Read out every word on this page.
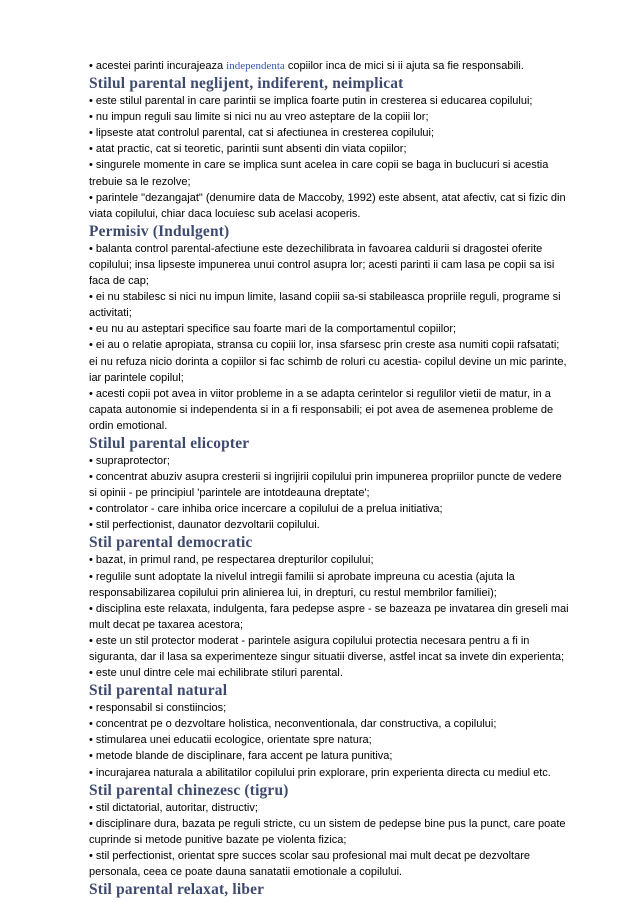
• acestei parinti incurajeaza independenta copiilor inca de mici si ii ajuta sa fie responsabili.

Stilul parental neglijent, indiferent, neimplicat

• este stilul parental in care parintii se implica foarte putin in cresterea si educarea copilului;

• nu impun reguli sau limite si nici nu au vreo asteptare de la copiii lor;

• lipseste atat controlul parental, cat si afectiunea in cresterea copilului;

• atat practic, cat si teoretic, parintii sunt absenti din viata copiilor;

• singurele momente in care se implica sunt acelea in care copii se baga in buclucuri si acestia trebuie sa le rezolve;

• parintele "dezangajat" (denumire data de Maccoby, 1992) este absent, atat afectiv, cat si fizic din viata copilului, chiar daca locuiesc sub acelasi acoperis.

Permisiv (Indulgent)

• balanta control parental-afectiune este dezechilibrata in favoarea caldurii si dragostei oferite copilului; insa lipseste impunerea unui control asupra lor; acesti parinti ii cam lasa pe copii sa isi faca de cap;

• ei nu stabilesc si nici nu impun limite, lasand copiii sa-si stabileasca propriile reguli, programe si

activitati;

• eu nu au asteptari specifice sau foarte mari de la comportamentul copiilor;

• ei au o relatie apropiata, stransa cu copiii lor, insa sfarsesc prin creste asa numiti copii rafsatati;

ei nu refuza nicio dorinta a copiilor si fac schimb de roluri cu acestia- copilul devine un mic parinte, iar parintele copilul;

• acesti copii pot avea in viitor probleme in a se adapta cerintelor si regulilor vietii de matur, in a capata autonomie si independenta si in a fi responsabili; ei pot avea de asemenea probleme de ordin emotional.

Stilul parental elicopter

• supraprotector;

• concentrat abuziv asupra cresterii si ingrijirii copilului prin impunerea propriilor puncte de vedere

si opinii - pe principiul 'parintele are intotdeauna dreptate';

• controlator - care inhiba orice incercare a copilului de a prelua initiativa;

• stil perfectionist, daunator dezvoltarii copilului.

Stil parental democratic

• bazat, in primul rand, pe respectarea drepturilor copilului;

• regulile sunt adoptate la nivelul intregii familii si aprobate impreuna cu acestia (ajuta la responsabilizarea copilului prin alinierea lui, in drepturi, cu restul membrilor familiei);

• disciplina este relaxata, indulgenta, fara pedepse aspre - se bazeaza pe invatarea din greseli mai mult decat pe taxarea acestora;

• este un stil protector moderat - parintele asigura copilului protectia necesara pentru a fi in siguranta, dar il lasa sa experimenteze singur situatii diverse, astfel incat sa invete din experienta;

• este unul dintre cele mai echilibrate stiluri parental.

Stil parental natural

• responsabil si constiincios;

• concentrat pe o dezvoltare holistica, neconventionala, dar constructiva, a copilului;

• stimularea unei educatii ecologice, orientate spre natura;

• metode blande de disciplinare, fara accent pe latura punitiva;

• incurajarea naturala a abilitatilor copilului prin explorare, prin experienta directa cu mediul etc.

Stil parental chinezesc (tigru)

• stil dictatorial, autoritar, distructiv;

• disciplinare dura, bazata pe reguli stricte, cu un sistem de pedepse bine pus la punct, care poate cuprinde si metode punitive bazate pe violenta fizica;

• stil perfectionist, orientat spre succes scolar sau profesional mai mult decat pe dezvoltare personala, ceea ce poate dauna sanatatii emotionale a copilului.

Stil parental relaxat, liber
